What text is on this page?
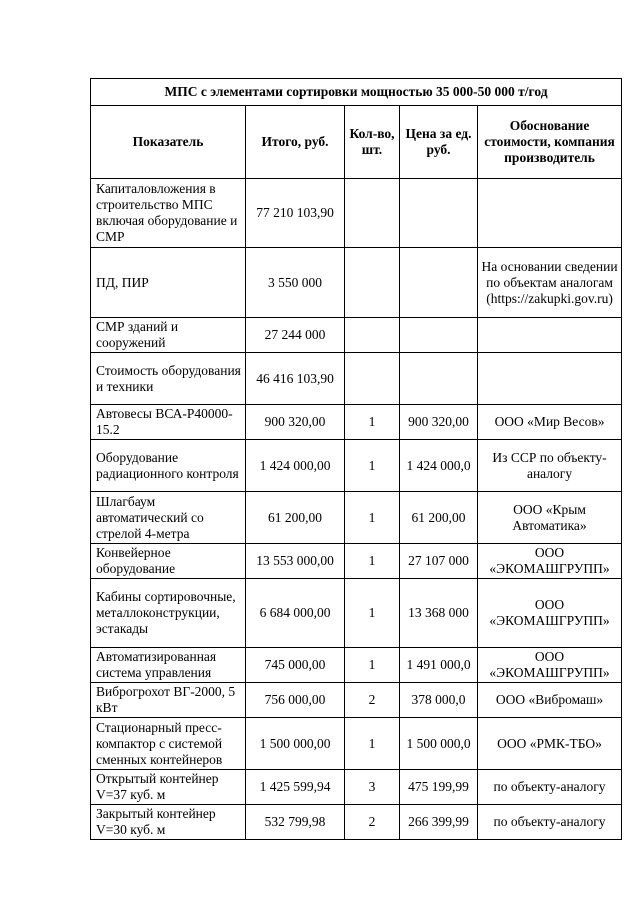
МПС с элементами сортировки мощностью 35 000-50 000 т/год				
Показатель	Итого, руб.	Кол-во, шт.	Цена за ед. руб.	Обоснование стоимости, компания производитель
Капиталовложения в строительство МПС включая оборудование и СМР	77 210 103,90			
ПД, ПИР	3 550 000			На основании сведении по объектам аналогам (https://zakupki.gov.ru)
СМР зданий и сооружений	27 244 000			
Стоимость оборудования и техники	46 416 103,90			
Автовесы ВСА-Р40000-15.2	900 320,00	1	900 320,00	ООО «Мир Весов»
Оборудование радиационного контроля	1 424 000,00	1	1 424 000,0	Из ССР по объекту-аналогу
Шлагбаум автоматический со стрелой 4-метра	61 200,00	1	61 200,00	ООО «Крым Автоматика»
Конвейерное оборудование	13 553 000,00	1	27 107 000	ООО «ЭКОМАШГРУПП»
Кабины сортировочные, металлоконструкции, эстакады	6 684 000,00	1	13 368 000	ООО «ЭКОМАШГРУПП»
Автоматизированная система управления	745 000,00	1	1 491 000,0	ООО «ЭКОМАШГРУПП»
Виброгрохот ВГ-2000, 5 кВт	756 000,00	2	378 000,0	ООО «Вибромаш»
Стационарный пресс-компактор с системой сменных контейнеров	1 500 000,00	1	1 500 000,0	ООО «РМК-ТБО»
Открытый контейнер V=37 куб. м	1 425 599,94	3	475 199,99	по объекту-аналогу
Закрытый контейнер V=30 куб. м	532 799,98	2	266 399,99	по объекту-аналогу
